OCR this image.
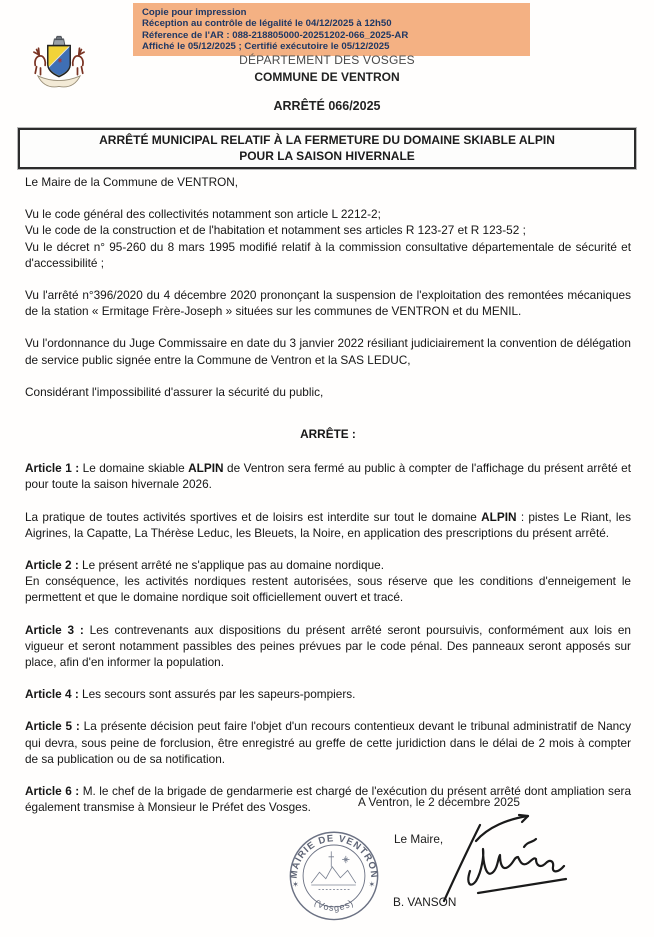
Copie pour impression
Réception au contrôle de légalité le 04/12/2025 à 12h50
Réference de l'AR : 088-218805000-20251202-066_2025-AR
Affiché le 05/12/2025 ; Certifié exécutoire le 05/12/2025
DÉPARTEMENT DES VOSGES
COMMUNE DE VENTRON
ARRÊTÉ 066/2025
ARRÊTÉ MUNICIPAL RELATIF À LA FERMETURE DU DOMAINE SKIABLE ALPIN
POUR LA SAISON HIVERNALE

Le Maire de la Commune de VENTRON,

Vu le code général des collectivités notamment son article L 2212-2;

Vu le code de la construction et de l'habitation et notamment ses articles R 123-27 et R 123-52 ;

Vu le décret n° 95-260 du 8 mars 1995 modifié relatif à la commission consultative départementale de sécurité et d'accessibilité ;

Vu l'arrêté n°396/2020 du 4 décembre 2020 prononçant la suspension de l'exploitation des remontées mécaniques de la station « Ermitage Frère-Joseph » situées sur les communes de VENTRON et du MENIL.

Vu l'ordonnance du Juge Commissaire en date du 3 janvier 2022 résiliant judiciairement la convention de délégation de service public signée entre la Commune de Ventron et la SAS LEDUC,

Considérant l'impossibilité d'assurer la sécurité du public,

ARRÊTE :

Article 1 : Le domaine skiable ALPIN de Ventron sera fermé au public à compter de l'affichage du présent arrêté et pour toute la saison hivernale 2026.

La pratique de toutes activités sportives et de loisirs est interdite sur tout le domaine ALPIN : pistes Le Riant, les Aigrines, la Capatte, La Thérèse Leduc, les Bleuets, la Noire, en application des prescriptions du présent arrêté.

Article 2 : Le présent arrêté ne s'applique pas au domaine nordique.

En conséquence, les activités nordiques restent autorisées, sous réserve que les conditions d'enneigement le permettent et que le domaine nordique soit officiellement ouvert et tracé.

Article 3 : Les contrevenants aux dispositions du présent arrêté seront poursuivis, conformément aux lois en vigueur et seront notamment passibles des peines prévues par le code pénal. Des panneaux seront apposés sur place, afin d'en informer la population.

Article 4 : Les secours sont assurés par les sapeurs-pompiers.

Article 5 : La présente décision peut faire l'objet d'un recours contentieux devant le tribunal administratif de Nancy qui devra, sous peine de forclusion, être enregistré au greffe de cette juridiction dans le délai de 2 mois à compter de sa publication ou de sa notification.

Article 6 : M. le chef de la brigade de gendarmerie est chargé de l'exécution du présent arrêté dont ampliation sera également transmise à Monsieur le Préfet des Vosges.	A Ventron, le 2 décembre 2025
Le Maire,
B. VANSON
MAIRIE DE VENTRON
(Vosges)
✶	✶
